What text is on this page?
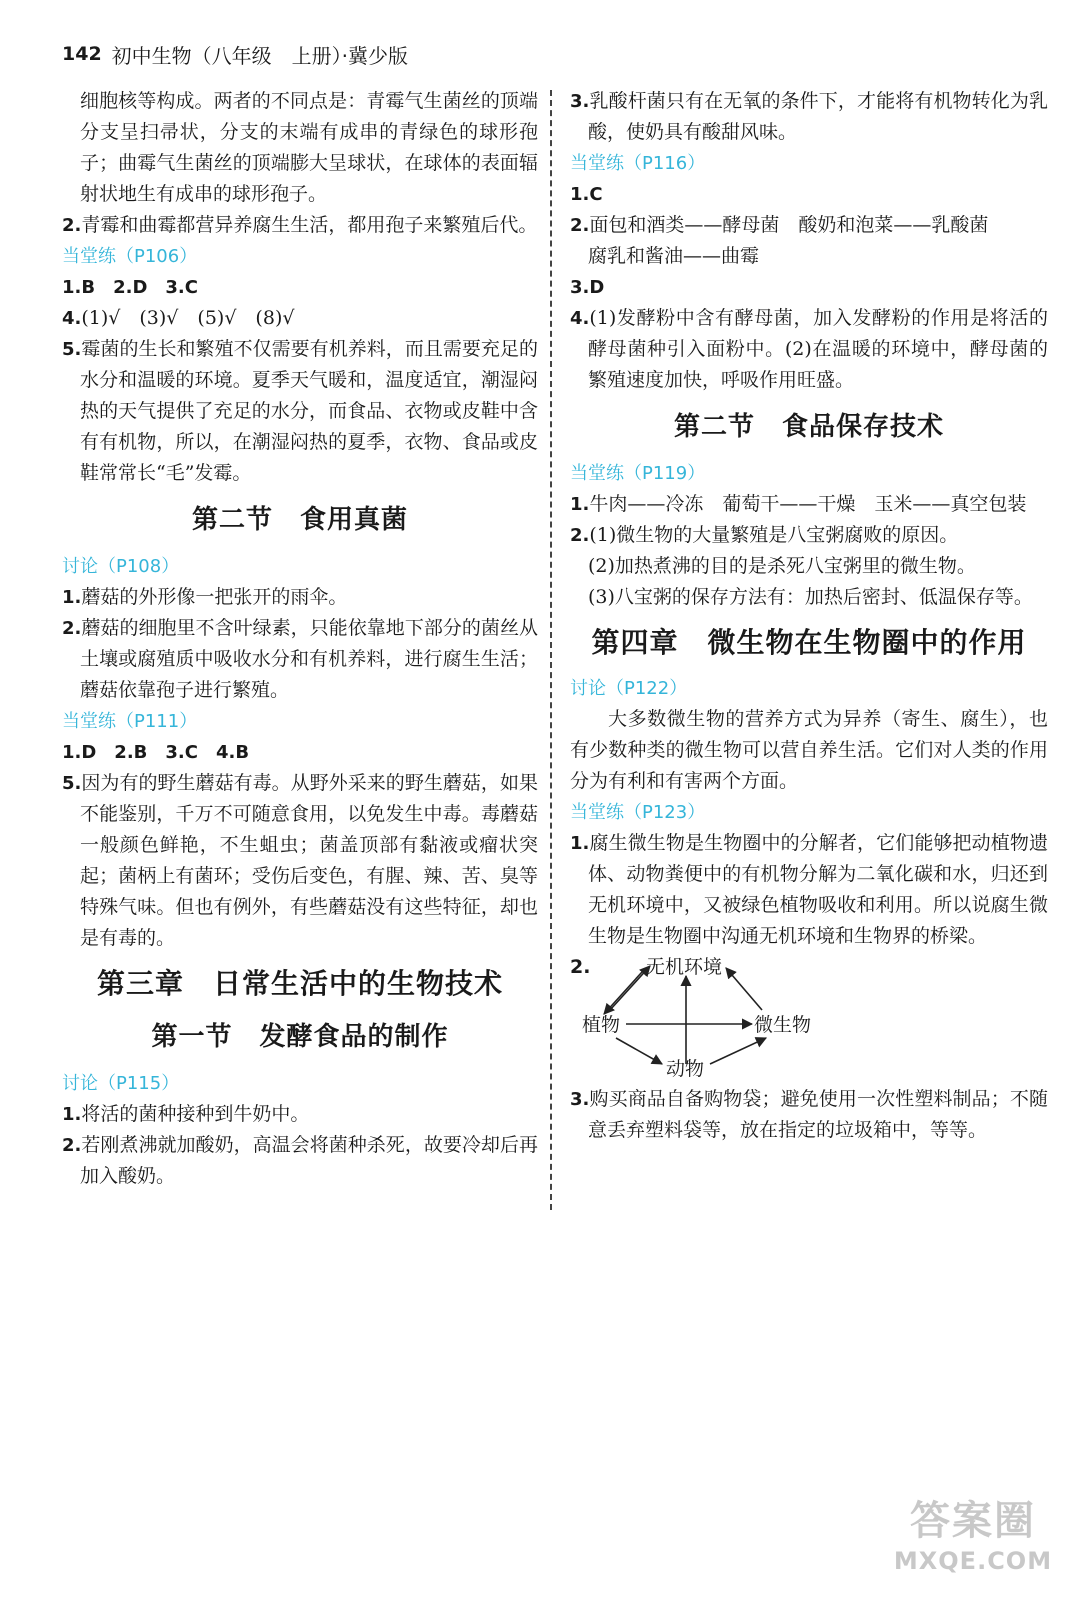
142 初中生物（八年级　上册）·冀少版

细胞核等构成。两者的不同点是：青霉气生菌丝的顶端分支呈扫帚状，分支的末端有成串的青绿色的球形孢子；曲霉气生菌丝的顶端膨大呈球状，在球体的表面辐射状地生有成串的球形孢子。

2.青霉和曲霉都营异养腐生生活，都用孢子来繁殖后代。

当堂练（P106）

1.B　2.D　3.C

4.(1)√　(3)√　(5)√　(8)√

5.霉菌的生长和繁殖不仅需要有机养料，而且需要充足的水分和温暖的环境。夏季天气暖和，温度适宜，潮湿闷热的天气提供了充足的水分，而食品、衣物或皮鞋中含有有机物，所以，在潮湿闷热的夏季，衣物、食品或皮鞋常常长“毛”发霉。

第二节　食用真菌

讨论（P108）

1.蘑菇的外形像一把张开的雨伞。

2.蘑菇的细胞里不含叶绿素，只能依靠地下部分的菌丝从土壤或腐殖质中吸收水分和有机养料，进行腐生生活；蘑菇依靠孢子进行繁殖。

当堂练（P111）

1.D　2.B　3.C　4.B

5.因为有的野生蘑菇有毒。从野外采来的野生蘑菇，如果不能鉴别，千万不可随意食用，以免发生中毒。毒蘑菇一般颜色鲜艳，不生蛆虫；菌盖顶部有黏液或瘤状突起；菌柄上有菌环；受伤后变色，有腥、辣、苦、臭等特殊气味。但也有例外，有些蘑菇没有这些特征，却也是有毒的。

第三章　日常生活中的生物技术
第一节　发酵食品的制作

讨论（P115）

1.将活的菌种接种到牛奶中。

2.若刚煮沸就加酸奶，高温会将菌种杀死，故要冷却后再加入酸奶。

3.乳酸杆菌只有在无氧的条件下，才能将有机物转化为乳酸，使奶具有酸甜风味。

当堂练（P116）

1.C

2.面包和酒类——酵母菌　酸奶和泡菜——乳酸菌

腐乳和酱油——曲霉

3.D

4.(1)发酵粉中含有酵母菌，加入发酵粉的作用是将活的酵母菌种引入面粉中。(2)在温暖的环境中，酵母菌的繁殖速度加快，呼吸作用旺盛。

第二节　食品保存技术

当堂练（P119）

1.牛肉——冷冻　葡萄干——干燥　玉米——真空包装

2.(1)微生物的大量繁殖是八宝粥腐败的原因。

(2)加热煮沸的目的是杀死八宝粥里的微生物。

(3)八宝粥的保存方法有：加热后密封、低温保存等。

第四章　微生物在生物圈中的作用

讨论（P122）

大多数微生物的营养方式为异养（寄生、腐生），也有少数种类的微生物可以营自养生活。它们对人类的作用分为有利和有害两个方面。

当堂练（P123）

1.腐生微生物是生物圈中的分解者，它们能够把动植物遗体、动物粪便中的有机物分解为二氧化碳和水，归还到无机环境中，又被绿色植物吸收和利用。所以说腐生微生物是生物圈中沟通无机环境和生物界的桥梁。

2.	无机环境
植物	微生物
动物

3.购买商品自备购物袋；避免使用一次性塑料制品；不随意丢弃塑料袋等，放在指定的垃圾箱中，等等。

答案圈
MXQE.COM
